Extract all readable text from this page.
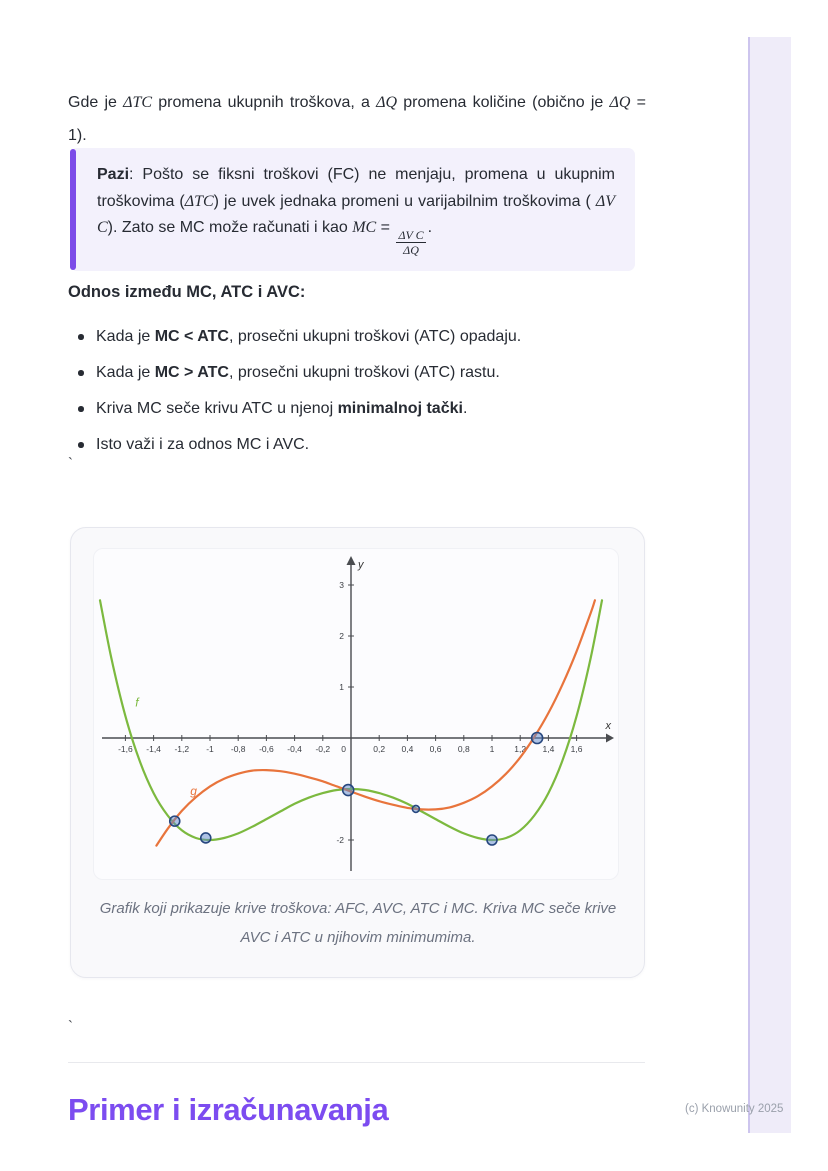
Gde je ΔTC promena ukupnih troškova, a ΔQ promena količine (obično je ΔQ = 1).

Pazi: Pošto se fiksni troškovi (FC) ne menjaju, promena u ukupnim troškovima (ΔTC) je uvek jednaka promeni u varijabilnim troškovima ( ΔV C). Zato se MC može računati i kao MC =
$\frac{\text{ΔV C}}{\Delta Q}$
.
Odnos između MC, ATC i AVC:
Kada je MC < ATC, prosečni ukupni troškovi (ATC) opadaju.
Kada je MC > ATC, prosečni ukupni troškovi (ATC) rastu.
Kriva MC seče krivu ATC u njenoj minimalnoj tački.
Isto važi i za odnos MC i AVC.
`
-1,6 -1,4 -1,2 -1 -0,8 -0,6 -0,4 -0,2 0	0,2 0,4 0,6 0,8 1 1,2 1,4 1,6
1
2
3
-2
x
y
f
g
Grafik koji prikazuje krive troškova: AFC, AVC, ATC i MC. Kriva MC seče krive AVC i ATC u njihovim minimumima.
`
Primer i izračunavanja	(c) Knowunity 2025
